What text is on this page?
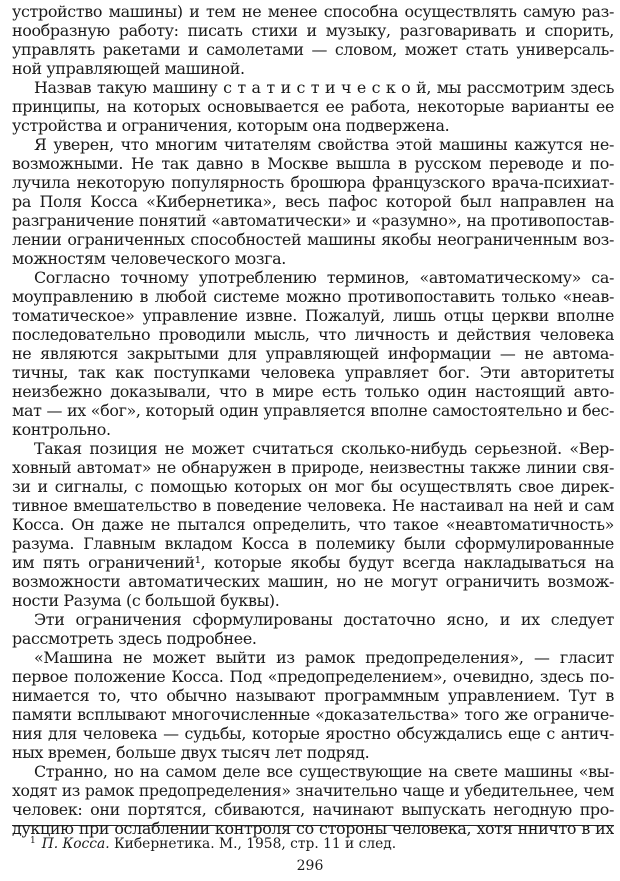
устройство машины) и тем не менее способна осуществлять самую раз-
нообразную работу: писать стихи и музыку, разговаривать и спорить,
управлять ракетами и самолетами — словом, может стать универсаль-
ной управляющей машиной.
Назвав такую машину с т а т и с т и ч е с к о й, мы рассмотрим здесь
принципы, на которых основывается ее работа, некоторые варианты ее
устройства и ограничения, которым она подвержена.
Я уверен, что многим читателям свойства этой машины кажутся не-
возможными. Не так давно в Москве вышла в русском переводе и по-
лучила некоторую популярность брошюра французского врача-психиат-
ра Поля Косса «Кибернетика», весь пафос которой был направлен на
разграничение понятий «автоматически» и «разумно», на противопостав-
лении ограниченных способностей машины якобы неограниченным воз-
можностям человеческого мозга.
Согласно точному употреблению терминов, «автоматическому» са-
моуправлению в любой системе можно противопоставить только «неав-
томатическое» управление извне. Пожалуй, лишь отцы церкви вполне
последовательно проводили мысль, что личность и действия человека
не являются закрытыми для управляющей информации — не автома-
тичны, так как поступками человека управляет бог. Эти авторитеты
неизбежно доказывали, что в мире есть только один настоящий авто-
мат — их «бог», который один управляется вполне самостоятельно и бес-
контрольно.
Такая позиция не может считаться сколько-нибудь серьезной. «Вер-
ховный автомат» не обнаружен в природе, неизвестны также линии свя-
зи и сигналы, с помощью которых он мог бы осуществлять свое дирек-
тивное вмешательство в поведение человека. Не настаивал на ней и сам
Косса. Он даже не пытался определить, что такое «неавтоматичность»
разума. Главным вкладом Косса в полемику были сформулированные
им пять ограничений¹, которые якобы будут всегда накладываться на
возможности автоматических машин, но не могут ограничить возмож-
ности Разума (с большой буквы).
Эти ограничения сформулированы достаточно ясно, и их следует
рассмотреть здесь подробнее.
«Машина не может выйти из рамок предопределения», — гласит
первое положение Косса. Под «предопределением», очевидно, здесь по-
нимается то, что обычно называют программным управлением. Тут в
памяти всплывают многочисленные «доказательства» того же ограниче-
ния для человека — судьбы, которые яростно обсуждались еще с антич-
ных времен, больше двух тысяч лет подряд.
Странно, но на самом деле все существующие на свете машины «вы-
ходят из рамок предопределения» значительно чаще и убедительнее, чем
человек: они портятся, сбиваются, начинают выпускать негодную про-
дукцию при ослаблении контроля со стороны человека, хотя нничто в их
$^1$ П. Косса. Кибернетика. М., 1958, стр. 11 и след.
296
